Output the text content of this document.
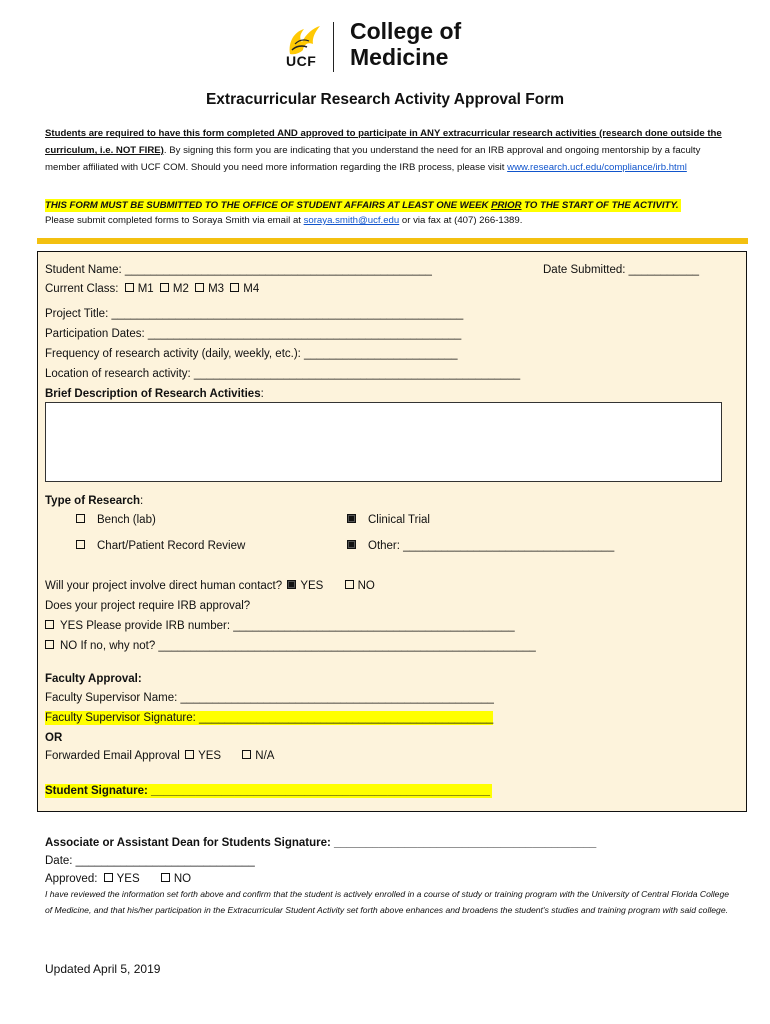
UCF
College of
Medicine
Extracurricular Research Activity Approval Form
Students are required to have this form completed AND approved to participate in ANY extracurricular research activities (research done outside the curriculum, i.e. NOT FIRE). By signing this form you are indicating that you understand the need for an IRB approval and ongoing mentorship by a faculty member affiliated with UCF COM. Should you need more information regarding the IRB process, please visit www.research.ucf.edu/compliance/irb.html
THIS FORM MUST BE SUBMITTED TO THE OFFICE OF STUDENT AFFAIRS AT LEAST ONE WEEK PRIOR TO THE START OF THE ACTIVITY.
Please submit completed forms to Soraya Smith via email at soraya.smith@ucf.edu or via fax at (407) 266-1389.
Student Name: ________________________________________________	Date Submitted: ___________
Current Class: M1 M2 M3 M4
Project Title: _______________________________________________________
Participation Dates: _________________________________________________
Frequency of research activity (daily, weekly, etc.): ________________________
Location of research activity: ___________________________________________________
Brief Description of Research Activities:
Type of Research:
Bench (lab)	Clinical Trial
Chart/Patient Record Review	Other: _________________________________
Will your project involve direct human contact? YES	NO
Does your project require IRB approval?
YES Please provide IRB number: ____________________________________________
NO If no, why not? ___________________________________________________________
Faculty Approval:
Faculty Supervisor Name: _________________________________________________
Faculty Supervisor Signature: ______________________________________________
OR
Forwarded Email Approval YES	N/A
Student Signature: _____________________________________________________
Associate or Assistant Dean for Students Signature: _________________________________________
Date: ____________________________
Approved: YES	NO
I have reviewed the information set forth above and confirm that the student is actively enrolled in a course of study or training program with the University of Central Florida College of Medicine, and that his/her participation in the Extracurricular Student Activity set forth above enhances and broadens the student's studies and training program with said college.
Updated April 5, 2019
